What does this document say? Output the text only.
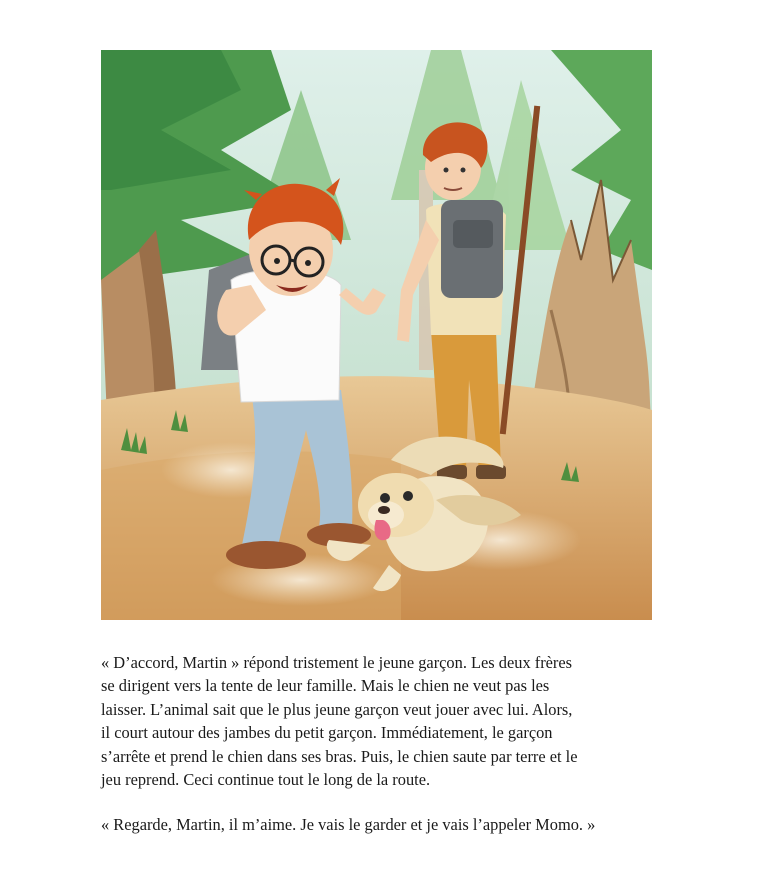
« D’accord, Martin » répond tristement le jeune garçon. Les deux frères
se dirigent vers la tente de leur famille. Mais le chien ne veut pas les
laisser. L’animal sait que le plus jeune garçon veut jouer avec lui. Alors,
il court autour des jambes du petit garçon. Immédiatement, le garçon
s’arrête et prend le chien dans ses bras. Puis, le chien saute par terre et le
jeu reprend. Ceci continue tout le long de la route.

« Regarde, Martin, il m’aime. Je vais le garder et je vais l’appeler Momo. »
